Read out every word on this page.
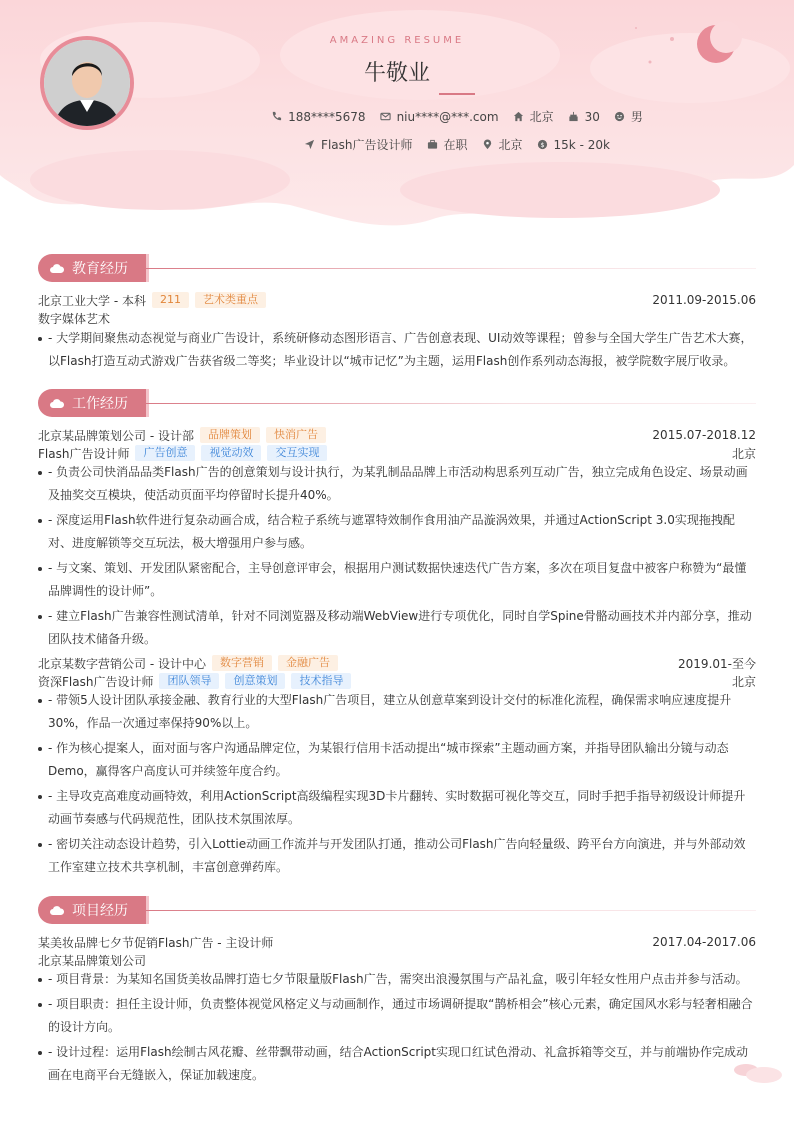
AMAZING RESUME
牛敬业
188****5678	niu****@***.com	北京	30	男
Flash广告设计师	在职	北京 $ 15k - 20k
教育经历
北京工业大学 - 本科	211	艺术类重点	2011.09-2015.06
数字媒体艺术
- 大学期间聚焦动态视觉与商业广告设计，系统研修动态图形语言、广告创意表现、UI动效等课程；曾参与全国大学生广告艺术大赛，以Flash打造互动式游戏广告获省级二等奖；毕业设计以“城市记忆”为主题，运用Flash创作系列动态海报，被学院数字展厅收录。
工作经历
北京某品牌策划公司 - 设计部	品牌策划	快消广告	2015.07-2018.12
Flash广告设计师	广告创意	视觉动效	交互实现	北京
- 负责公司快消品品类Flash广告的创意策划与设计执行，为某乳制品品牌上市活动构思系列互动广告，独立完成角色设定、场景动画及抽奖交互模块，使活动页面平均停留时长提升40%。
- 深度运用Flash软件进行复杂动画合成，结合粒子系统与遮罩特效制作食用油产品漩涡效果，并通过ActionScript 3.0实现拖拽配对、进度解锁等交互玩法，极大增强用户参与感。
- 与文案、策划、开发团队紧密配合，主导创意评审会，根据用户测试数据快速迭代广告方案，多次在项目复盘中被客户称赞为“最懂品牌调性的设计师”。
- 建立Flash广告兼容性测试清单，针对不同浏览器及移动端WebView进行专项优化，同时自学Spine骨骼动画技术并内部分享，推动团队技术储备升级。
北京某数字营销公司 - 设计中心	数字营销	金融广告	2019.01-至今
资深Flash广告设计师	团队领导	创意策划	技术指导	北京
- 带领5人设计团队承接金融、教育行业的大型Flash广告项目，建立从创意草案到设计交付的标准化流程，确保需求响应速度提升30%，作品一次通过率保持90%以上。
- 作为核心提案人，面对面与客户沟通品牌定位，为某银行信用卡活动提出“城市探索”主题动画方案，并指导团队输出分镜与动态Demo，赢得客户高度认可并续签年度合约。
- 主导攻克高难度动画特效，利用ActionScript高级编程实现3D卡片翻转、实时数据可视化等交互，同时手把手指导初级设计师提升动画节奏感与代码规范性，团队技术氛围浓厚。
- 密切关注动态设计趋势，引入Lottie动画工作流并与开发团队打通，推动公司Flash广告向轻量级、跨平台方向演进，并与外部动效工作室建立技术共享机制，丰富创意弹药库。
项目经历
某美妆品牌七夕节促销Flash广告 - 主设计师	2017.04-2017.06
北京某品牌策划公司
- 项目背景：为某知名国货美妆品牌打造七夕节限量版Flash广告，需突出浪漫氛围与产品礼盒，吸引年轻女性用户点击并参与活动。
- 项目职责：担任主设计师，负责整体视觉风格定义与动画制作，通过市场调研提取“鹊桥相会”核心元素，确定国风水彩与轻奢相融合的设计方向。
- 设计过程：运用Flash绘制古风花瓣、丝带飘带动画，结合ActionScript实现口红试色滑动、礼盒拆箱等交互，并与前端协作完成动画在电商平台无缝嵌入，保证加载速度。
